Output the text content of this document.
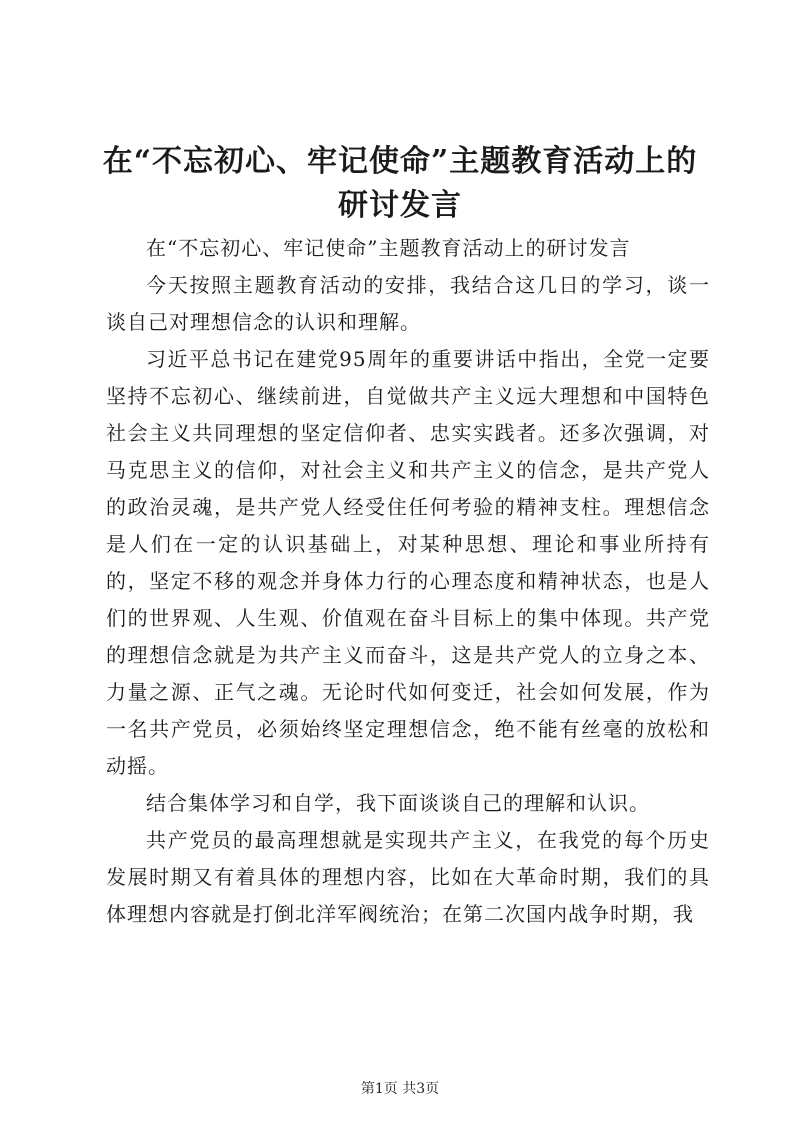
在“不忘初心、牢记使命”主题教育活动上的研讨发言

在“不忘初心、牢记使命”主题教育活动上的研讨发言

今天按照主题教育活动的安排，我结合这几日的学习，谈一谈自己对理想信念的认识和理解。

习近平总书记在建党95周年的重要讲话中指出，全党一定要坚持不忘初心、继续前进，自觉做共产主义远大理想和中国特色社会主义共同理想的坚定信仰者、忠实实践者。还多次强调，对马克思主义的信仰，对社会主义和共产主义的信念，是共产党人的政治灵魂，是共产党人经受住任何考验的精神支柱。理想信念是人们在一定的认识基础上，对某种思想、理论和事业所持有的，坚定不移的观念并身体力行的心理态度和精神状态，也是人们的世界观、人生观、价值观在奋斗目标上的集中体现。共产党的理想信念就是为共产主义而奋斗，这是共产党人的立身之本、力量之源、正气之魂。无论时代如何变迁，社会如何发展，作为一名共产党员，必须始终坚定理想信念，绝不能有丝毫的放松和动摇。

结合集体学习和自学，我下面谈谈自己的理解和认识。

共产党员的最高理想就是实现共产主义，在我党的每个历史发展时期又有着具体的理想内容，比如在大革命时期，我们的具体理想内容就是打倒北洋军阀统治；在第二次国内战争时期，我

第1页 共3页
